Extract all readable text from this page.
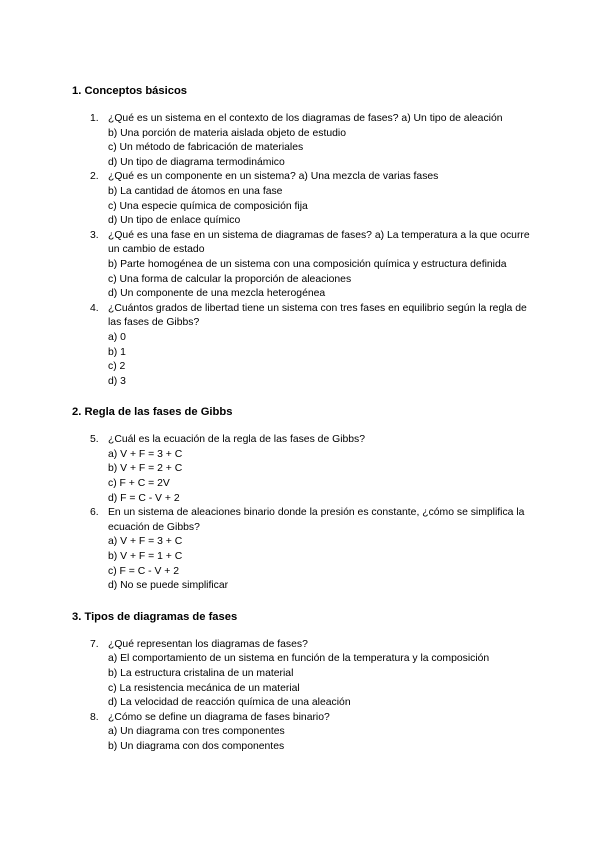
1. Conceptos básicos
1. ¿Qué es un sistema en el contexto de los diagramas de fases? a) Un tipo de aleación
b) Una porción de materia aislada objeto de estudio
c) Un método de fabricación de materiales
d) Un tipo de diagrama termodinámico
2. ¿Qué es un componente en un sistema? a) Una mezcla de varias fases
b) La cantidad de átomos en una fase
c) Una especie química de composición fija
d) Un tipo de enlace químico
3. ¿Qué es una fase en un sistema de diagramas de fases? a) La temperatura a la que ocurre un cambio de estado
b) Parte homogénea de un sistema con una composición química y estructura definida
c) Una forma de calcular la proporción de aleaciones
d) Un componente de una mezcla heterogénea
4. ¿Cuántos grados de libertad tiene un sistema con tres fases en equilibrio según la regla de las fases de Gibbs?
a) 0
b) 1
c) 2
d) 3
2. Regla de las fases de Gibbs
5. ¿Cuál es la ecuación de la regla de las fases de Gibbs?
a) V + F = 3 + C
b) V + F = 2 + C
c) F + C = 2V
d) F = C - V + 2
6. En un sistema de aleaciones binario donde la presión es constante, ¿cómo se simplifica la ecuación de Gibbs?
a) V + F = 3 + C
b) V + F = 1 + C
c) F = C - V + 2
d) No se puede simplificar
3. Tipos de diagramas de fases
7. ¿Qué representan los diagramas de fases?
a) El comportamiento de un sistema en función de la temperatura y la composición
b) La estructura cristalina de un material
c) La resistencia mecánica de un material
d) La velocidad de reacción química de una aleación
8. ¿Cómo se define un diagrama de fases binario?
a) Un diagrama con tres componentes
b) Un diagrama con dos componentes
